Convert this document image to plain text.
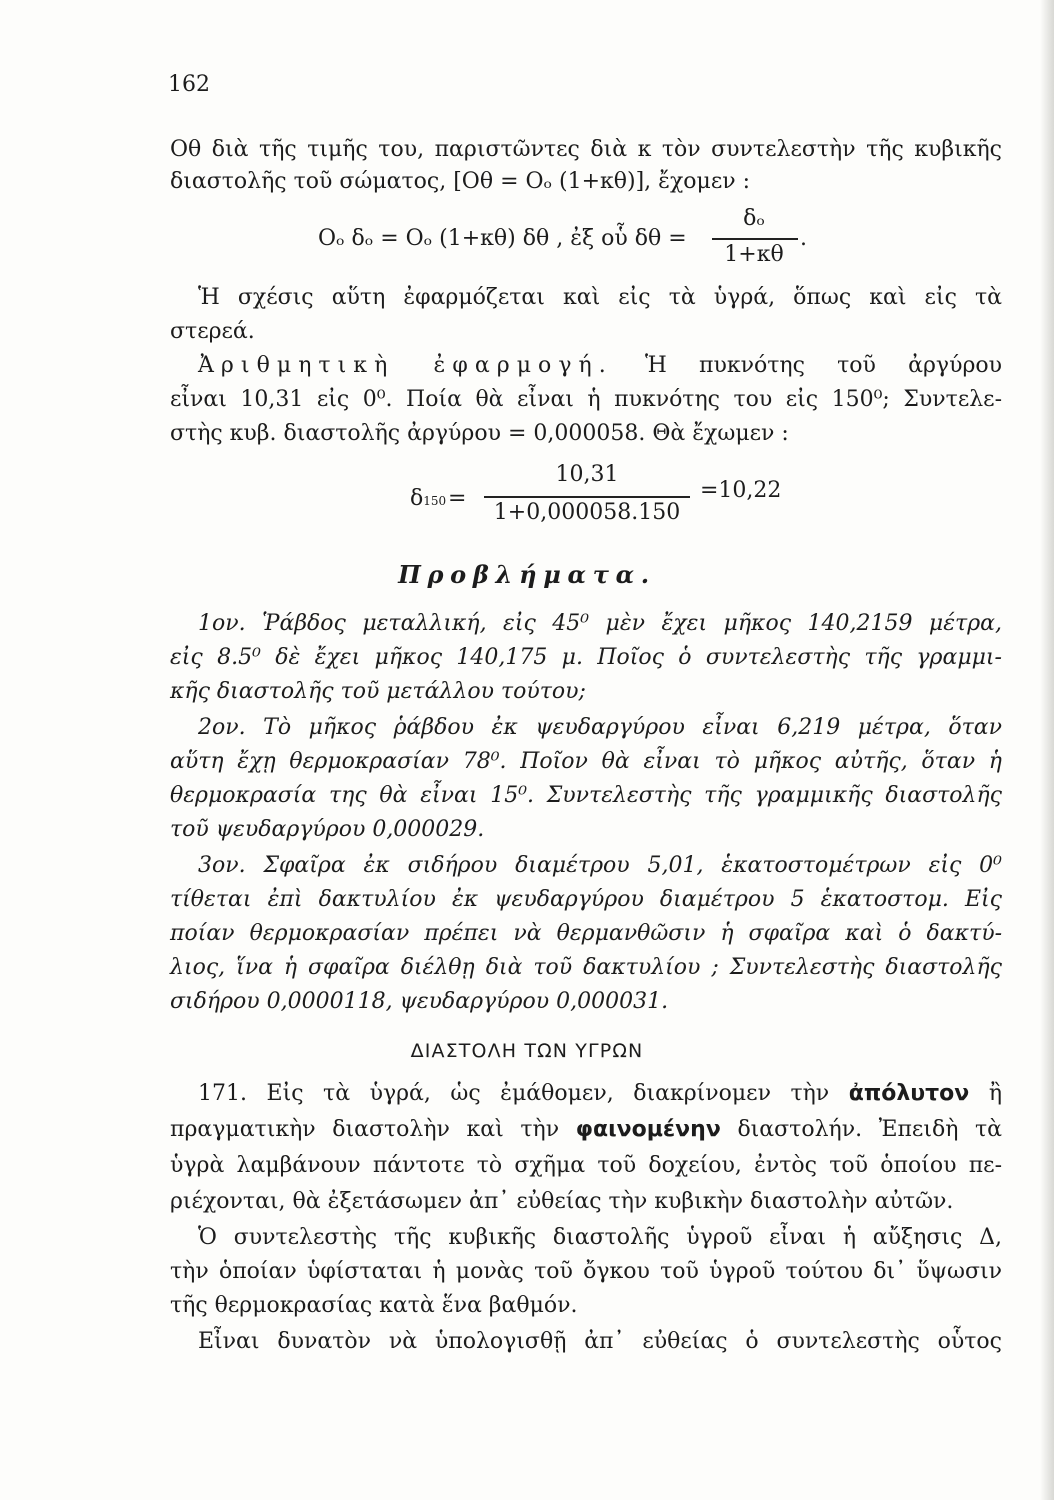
162
Oθ διὰ τῆς τιμῆς του, παριστῶντες διὰ κ τὸν συντελεστὴν τῆς κυβικῆς
διαστολῆς τοῦ σώματος, [Oθ = Oₒ (1+κθ)], ἔχομεν :
Oₒ δₒ = Oₒ (1+κθ) δθ , ἐξ οὗ δθ =
δₒ
1+κθ
.
Ἡ σχέσις αὕτη ἐφαρμόζεται καὶ εἰς τὰ ὑγρά, ὅπως καὶ εἰς τὰ
στερεά.
Ἀριθμητικὴ ἐφαρμογή. Ἡ πυκνότης τοῦ ἀργύρου
εἶναι 10,31 εἰς 0⁰. Ποία θὰ εἶναι ἡ πυκνότης του εἰς 150⁰; Συντελε-
στὴς κυβ. διαστολῆς ἀργύρου = 0,000058. Θὰ ἔχωμεν :
δ150 =
10,31
1+0,000058.150
=10,22
Προβλήματα.
1ον. Ῥάβδος μεταλλική, εἰς 45⁰ μὲν ἔχει μῆκος 140,2159 μέτρα,
εἰς 8.5⁰ δὲ ἔχει μῆκος 140,175 μ. Ποῖος ὁ συντελεστὴς τῆς γραμμι-
κῆς διαστολῆς τοῦ μετάλλου τούτου;
2ον. Τὸ μῆκος ῥάβδου ἐκ ψευδαργύρου εἶναι 6,219 μέτρα, ὅταν
αὕτη ἔχῃ θερμοκρασίαν 78⁰. Ποῖον θὰ εἶναι τὸ μῆκος αὐτῆς, ὅταν ἡ
θερμοκρασία της θὰ εἶναι 15⁰. Συντελεστὴς τῆς γραμμικῆς διαστολῆς
τοῦ ψευδαργύρου 0,000029.
3ον. Σφαῖρα ἐκ σιδήρου διαμέτρου 5,01, ἑκατοστομέτρων εἰς 0⁰
τίθεται ἐπὶ δακτυλίου ἐκ ψευδαργύρου διαμέτρου 5 ἑκατοστομ. Εἰς
ποίαν θερμοκρασίαν πρέπει νὰ θερμανθῶσιν ἡ σφαῖρα καὶ ὁ δακτύ-
λιος, ἵνα ἡ σφαῖρα διέλθῃ διὰ τοῦ δακτυλίου ; Συντελεστὴς διαστολῆς
σιδήρου 0,0000118, ψευδαργύρου 0,000031.
ΔΙΑΣΤΟΛΗ ΤΩΝ ΥΓΡΩΝ
171. Εἰς τὰ ὑγρά, ὡς ἐμάθομεν, διακρίνομεν τὴν ἀπόλυτον ἢ
πραγματικὴν διαστολὴν καὶ τὴν φαινομένην διαστολήν. Ἐπειδὴ τὰ
ὑγρὰ λαμβάνουν πάντοτε τὸ σχῆμα τοῦ δοχείου, ἐντὸς τοῦ ὁποίου πε-
ριέχονται, θὰ ἐξετάσωμεν ἀπ᾽ εὐθείας τὴν κυβικὴν διαστολὴν αὐτῶν.
Ὁ συντελεστὴς τῆς κυβικῆς διαστολῆς ὑγροῦ εἶναι ἡ αὔξησις Δ,
τὴν ὁποίαν ὑφίσταται ἡ μονὰς τοῦ ὄγκου τοῦ ὑγροῦ τούτου δι᾽ ὕψωσιν
τῆς θερμοκρασίας κατὰ ἕνα βαθμόν.
Εἶναι δυνατὸν νὰ ὑπολογισθῇ ἀπ᾽ εὐθείας ὁ συντελεστὴς οὗτος
